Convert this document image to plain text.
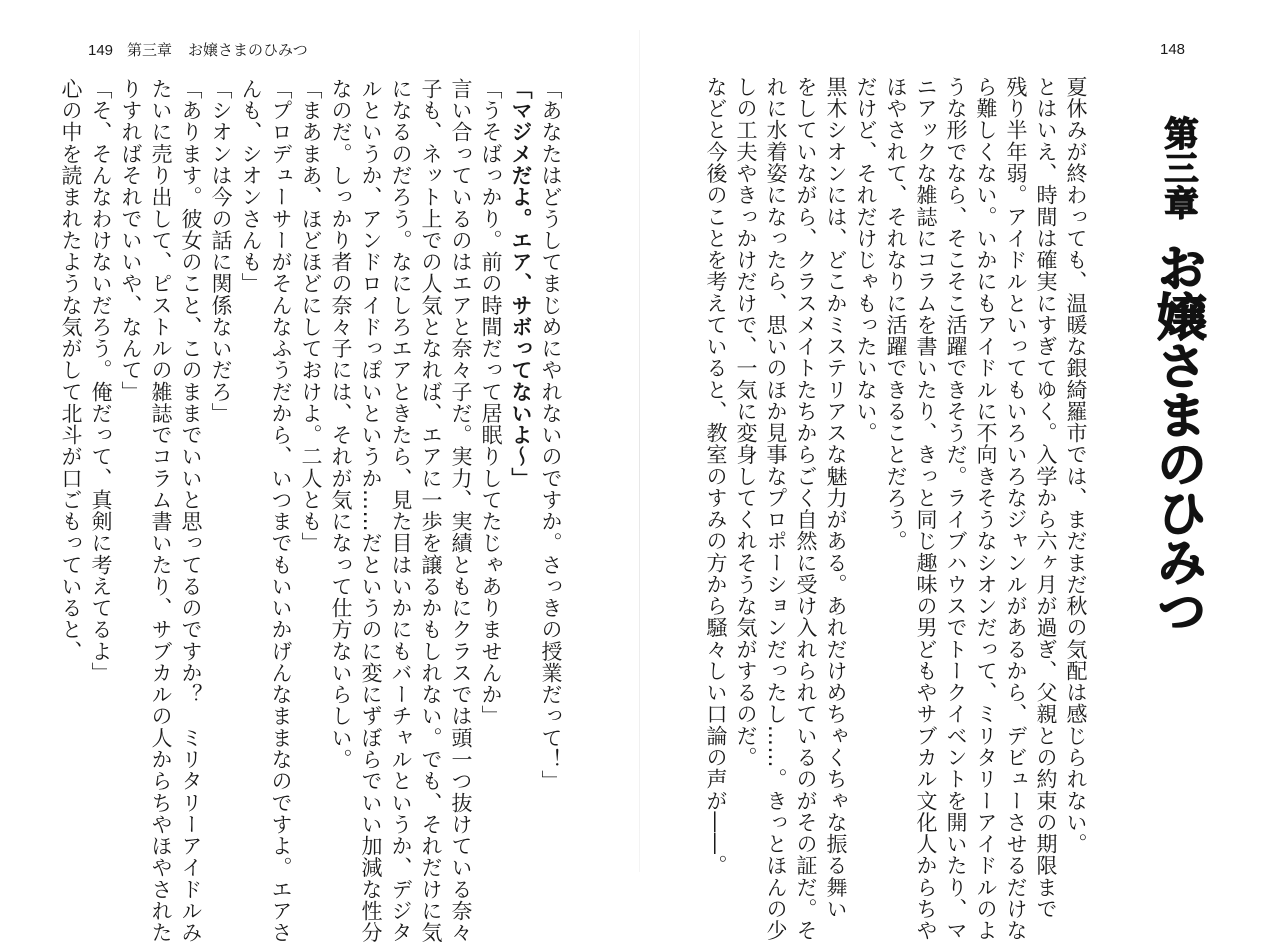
149 第三章 お嬢さまのひみつ
「あなたはどうしてまじめにやれないのですか。さっきの授業だって！」
「マジメだよ。エア、サボってないよ～」
「うそばっかり。前の時間だって居眠りしてたじゃありませんか」
言い合っているのはエアと奈々子だ。実力、実績ともにクラスでは頭一つ抜けている奈々
子も、ネット上での人気となれば、エアに一歩を譲るかもしれない。でも、それだけに気
になるのだろう。なにしろエアときたら、見た目はいかにもバーチャルというか、デジタ
ルというか、アンドロイドっぽいというか……だというのに変にずぼらでいい加減な性分
なのだ。しっかり者の奈々子には、それが気になって仕方ないらしい。
「まあまあ、ほどほどにしておけよ。二人とも」
「プロデューサーがそんなふうだから、いつまでもいいかげんなままなのですよ。エアさ
んも、シオンさんも」
「シオンは今の話に関係ないだろ」
「あります。彼女のこと、このままでいいと思ってるのですか？　ミリタリーアイドルみ
たいに売り出して、ピストルの雑誌でコラム書いたり、サブカルの人からちやほやされた
りすればそれでいいや、なんて」
「そ、そんなわけないだろう。俺だって、真剣に考えてるよ」
心の中を読まれたような気がして北斗が口ごもっていると、
148
第三章お嬢さまのひみつ
夏休みが終わっても、温暖な銀綺羅市では、まだまだ秋の気配は感じられない。
とはいえ、時間は確実にすぎてゆく。入学から六ヶ月が過ぎ、父親との約束の期限まで
残り半年弱。アイドルといってもいろいろなジャンルがあるから、デビューさせるだけな
ら難しくない。いかにもアイドルに不向きそうなシオンだって、ミリタリーアイドルのよ
うな形でなら、そこそこ活躍できそうだ。ライブハウスでトークイベントを開いたり、マ
ニアックな雑誌にコラムを書いたり、きっと同じ趣味の男どもやサブカル文化人からちや
ほやされて、それなりに活躍できることだろう。
だけど、それだけじゃもったいない。
黒木シオンには、どこかミステリアスな魅力がある。あれだけめちゃくちゃな振る舞い
をしていながら、クラスメイトたちからごく自然に受け入れられているのがその証だ。そ
れに水着姿になったら、思いのほか見事なプロポーションだったし……。きっとほんの少
しの工夫やきっかけだけで、一気に変身してくれそうな気がするのだ。
などと今後のことを考えていると、教室のすみの方から騒々しい口論の声が――。
